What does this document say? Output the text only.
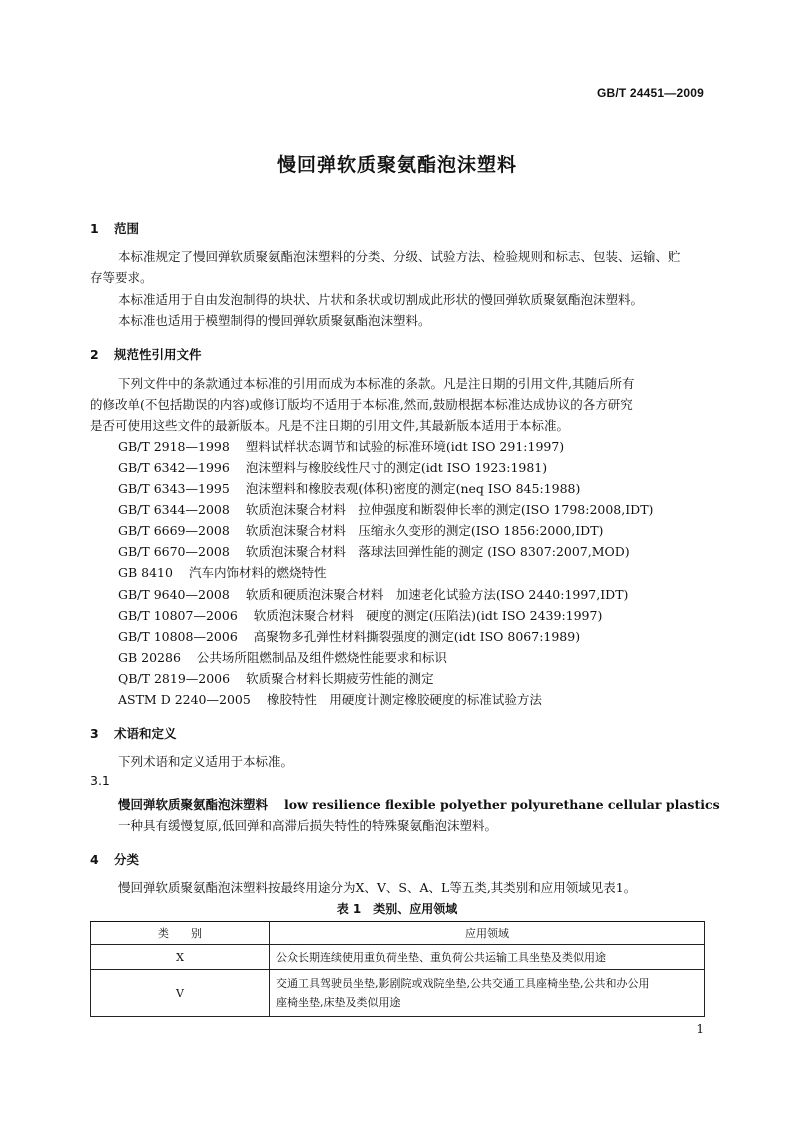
GB/T 24451—2009
慢回弹软质聚氨酯泡沫塑料
1 范围
本标准规定了慢回弹软质聚氨酯泡沫塑料的分类、分级、试验方法、检验规则和标志、包装、运输、贮
存等要求。
本标准适用于自由发泡制得的块状、片状和条状或切割成此形状的慢回弹软质聚氨酯泡沫塑料。
本标准也适用于模塑制得的慢回弹软质聚氨酯泡沫塑料。
2 规范性引用文件
下列文件中的条款通过本标准的引用而成为本标准的条款。凡是注日期的引用文件,其随后所有
的修改单(不包括勘误的内容)或修订版均不适用于本标准,然而,鼓励根据本标准达成协议的各方研究
是否可使用这些文件的最新版本。凡是不注日期的引用文件,其最新版本适用于本标准。
GB/T 2918—1998 塑料试样状态调节和试验的标准环境(idt ISO 291:1997)
GB/T 6342—1996 泡沫塑料与橡胶线性尺寸的测定(idt ISO 1923:1981)
GB/T 6343—1995 泡沫塑料和橡胶表观(体积)密度的测定(neq ISO 845:1988)
GB/T 6344—2008 软质泡沫聚合材料　拉伸强度和断裂伸长率的测定(ISO 1798:2008,IDT)
GB/T 6669—2008 软质泡沫聚合材料　压缩永久变形的测定(ISO 1856:2000,IDT)
GB/T 6670—2008 软质泡沫聚合材料　落球法回弹性能的测定 (ISO 8307:2007,MOD)
GB 8410 汽车内饰材料的燃烧特性
GB/T 9640—2008 软质和硬质泡沫聚合材料　加速老化试验方法(ISO 2440:1997,IDT)
GB/T 10807—2006 软质泡沫聚合材料　硬度的测定(压陷法)(idt ISO 2439:1997)
GB/T 10808—2006 高聚物多孔弹性材料撕裂强度的测定(idt ISO 8067:1989)
GB 20286 公共场所阻燃制品及组件燃烧性能要求和标识
QB/T 2819—2006 软质聚合材料长期疲劳性能的测定
ASTM D 2240—2005 橡胶特性　用硬度计测定橡胶硬度的标准试验方法
3 术语和定义
下列术语和定义适用于本标准。
3.1
慢回弹软质聚氨酯泡沫塑料 low resilience flexible polyether polyurethane cellular plastics
一种具有缓慢复原,低回弹和高滞后损失特性的特殊聚氨酯泡沫塑料。
4 分类
慢回弹软质聚氨酯泡沫塑料按最终用途分为X、V、S、A、L等五类,其类别和应用领域见表1。
表 1　类别、应用领域
类　　别	应用领域
X	公众长期连续使用重负荷坐垫、重负荷公共运输工具坐垫及类似用途
V	交通工具驾驶员坐垫,影剧院或戏院坐垫,公共交通工具座椅坐垫,公共和办公用
座椅坐垫,床垫及类似用途
1
